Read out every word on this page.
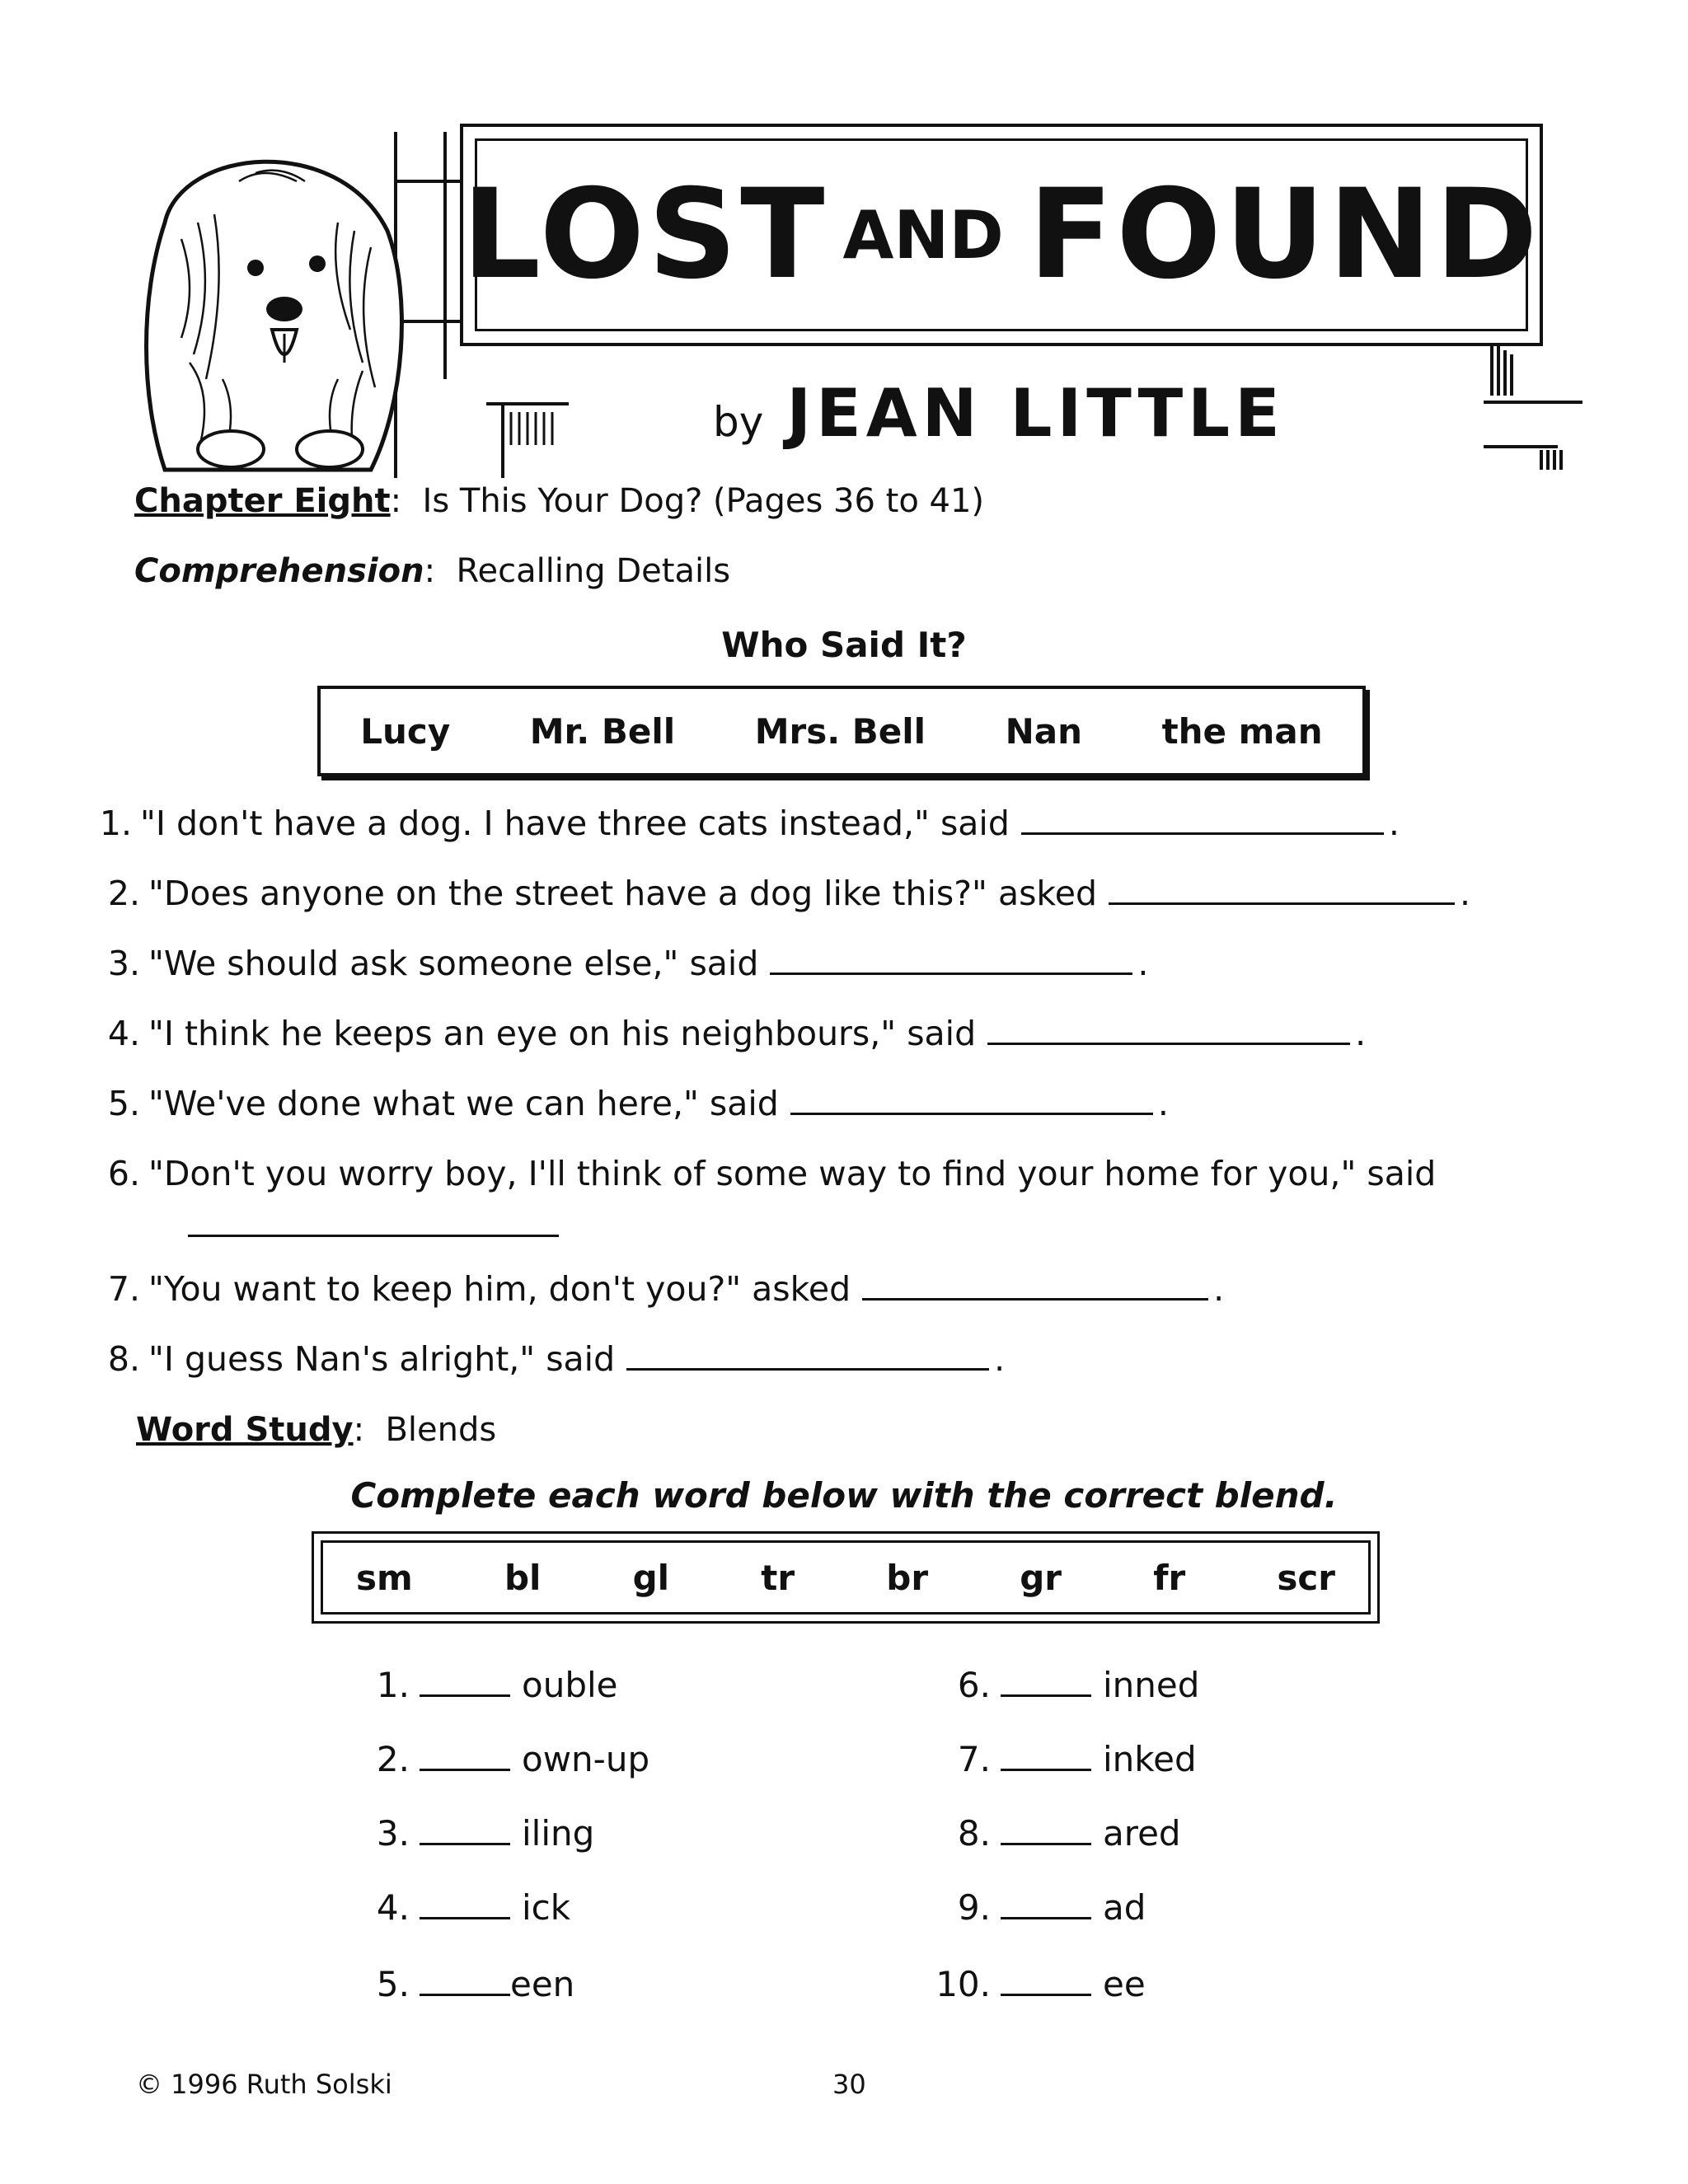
LOST AND FOUND
by JEAN LITTLE
Chapter Eight:  Is This Your Dog? (Pages 36 to 41)
Comprehension:  Recalling Details
Who Said It?
Lucy Mr. Bell Mrs. Bell Nan the man
1. "I don't have a dog. I have three cats instead," said	.
2. "Does anyone on the street have a dog like this?" asked	.
3. "We should ask someone else," said	.
4. "I think he keeps an eye on his neighbours," said	.
5. "We've done what we can here," said	.
6. "Don't you worry boy, I'll think of some way to find your home for you," said
7. "You want to keep him, don't you?" asked	.
8. "I guess Nan's alright," said	.
Word Study:  Blends
Complete each word below with the correct blend.
sm	bl	gl	tr	br	gr	fr	scr
1.	ouble
2.	own-up
3.	iling
4.	ick
5.	een
6.	inned
7.	inked
8.	ared
9.	ad
10.	ee
© 1996 Ruth Solski	30
